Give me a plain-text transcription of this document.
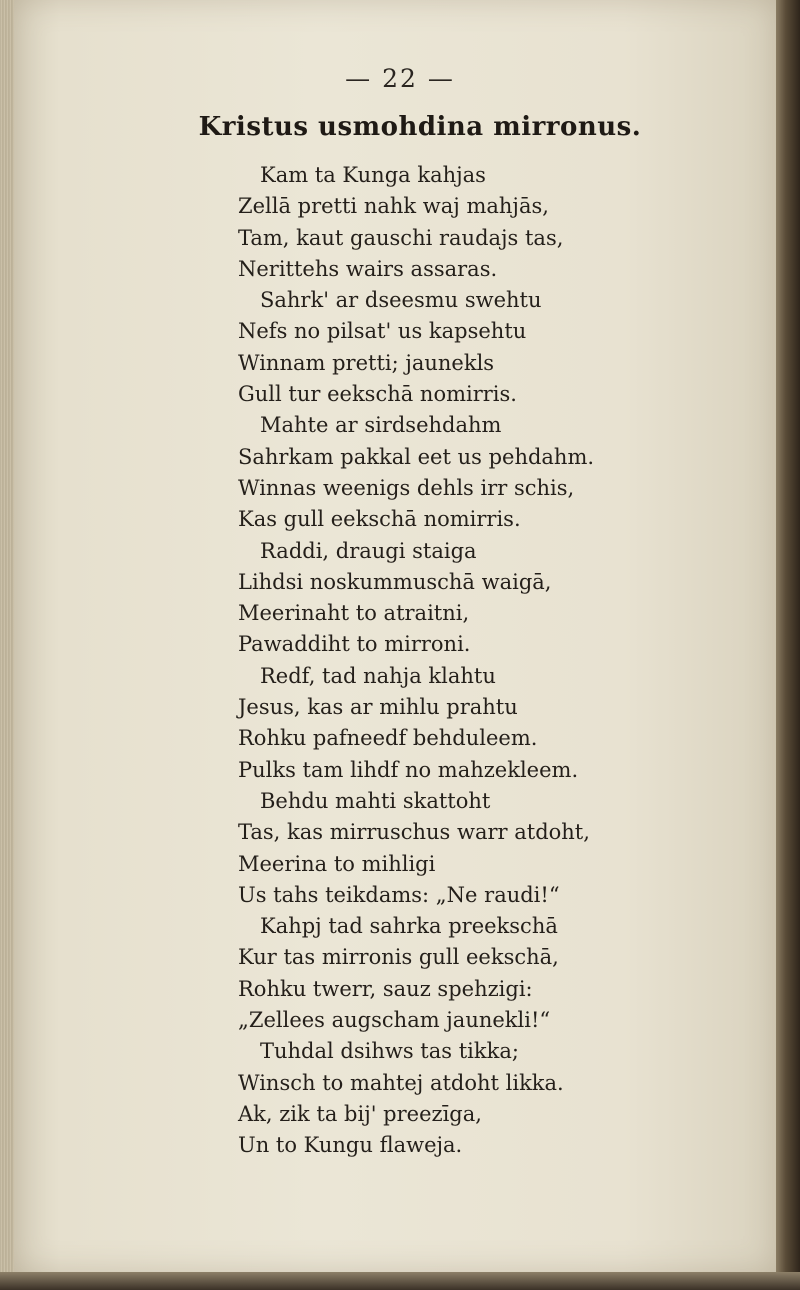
— 22 —
Kristus usmohdina mirronus.
Kam ta Kunga kahjas
Zellā pretti nahk waj mahjās,
Tam, kaut gauschi raudajs tas,
Nerittehs wairs assaras.
Sahrk' ar dseesmu swehtu
Nefs no pilsat' us kapsehtu
Winnam pretti; jaunekls
Gull tur eekschā nomirris.
Mahte ar sirdsehdahm
Sahrkam pakkal eet us pehdahm.
Winnas weenigs dehls irr schis,
Kas gull eekschā nomirris.
Raddi, draugi staiga
Lihdsi noskummuschā waigā,
Meerinaht to atraitni,
Pawaddiht to mirroni.
Redf, tad nahja klahtu
Jesus, kas ar mihlu prahtu
Rohku pafneedf behduleem.
Pulks tam lihdf no mahzekleem.
Behdu mahti skattoht
Tas, kas mirruschus warr atdoht,
Meerina to mihligi
Us tahs teikdams: „Ne raudi!“
Kahpj tad sahrka preekschā
Kur tas mirronis gull eekschā,
Rohku twerr, sauz spehzigi:
„Zellees augscham jaunekli!“
Tuhdal dsihws tas tikka;
Winsch to mahtej atdoht likka.
Ak, zik ta bij' preezīga,
Un to Kungu flaweja.
